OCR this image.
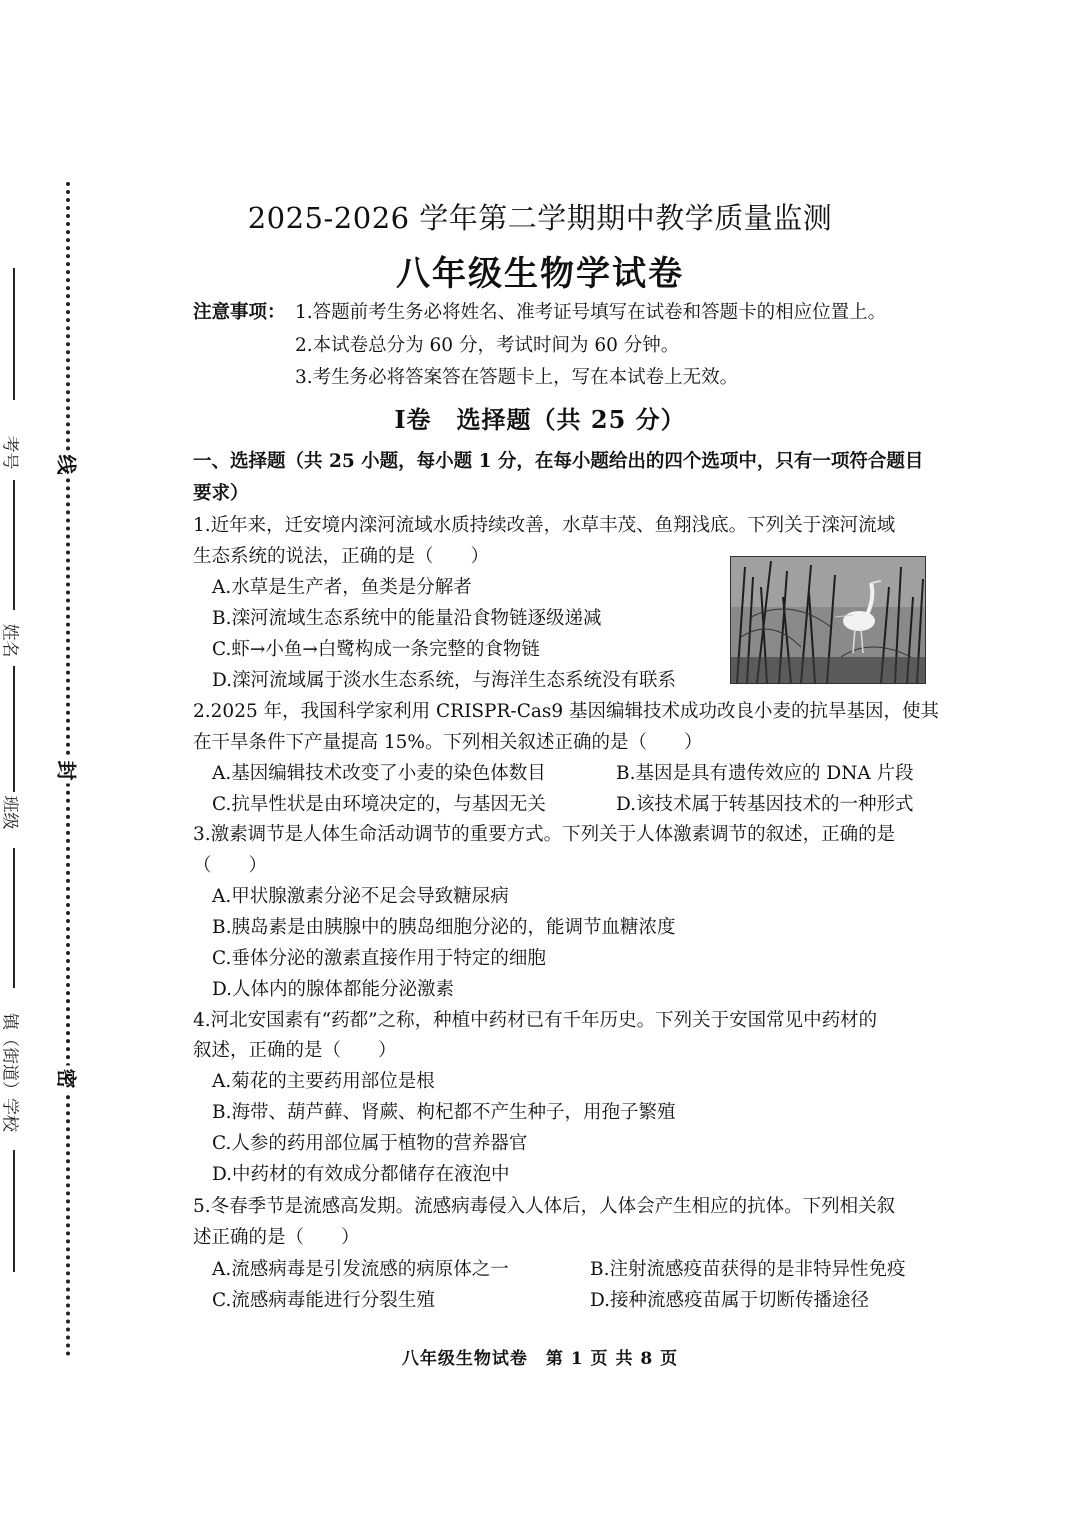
考号
姓名
班级
镇（街道）学校
线
封
密
2025-2026 学年第二学期期中教学质量监测
八年级生物学试卷
注意事项： 1.答题前考生务必将姓名、准考证号填写在试卷和答题卡的相应位置上。
2.本试卷总分为 60 分，考试时间为 60 分钟。
3.考生务必将答案答在答题卡上，写在本试卷上无效。
Ⅰ卷　选择题（共 25 分）
一、选择题（共 25 小题，每小题 1 分，在每小题给出的四个选项中，只有一项符合题目
要求）
1.近年来，迁安境内滦河流域水质持续改善，水草丰茂、鱼翔浅底。下列关于滦河流域
生态系统的说法，正确的是（　　）
A.水草是生产者，鱼类是分解者
B.滦河流域生态系统中的能量沿食物链逐级递减
C.虾→小鱼→白鹭构成一条完整的食物链
D.滦河流域属于淡水生态系统，与海洋生态系统没有联系
2.2025 年，我国科学家利用 CRISPR-Cas9 基因编辑技术成功改良小麦的抗旱基因，使其
在干旱条件下产量提高 15%。下列相关叙述正确的是（　　）
A.基因编辑技术改变了小麦的染色体数目	B.基因是具有遗传效应的 DNA 片段
C.抗旱性状是由环境决定的，与基因无关	D.该技术属于转基因技术的一种形式
3.激素调节是人体生命活动调节的重要方式。下列关于人体激素调节的叙述，正确的是
（　　）
A.甲状腺激素分泌不足会导致糖尿病
B.胰岛素是由胰腺中的胰岛细胞分泌的，能调节血糖浓度
C.垂体分泌的激素直接作用于特定的细胞
D.人体内的腺体都能分泌激素
4.河北安国素有“药都”之称，种植中药材已有千年历史。下列关于安国常见中药材的
叙述，正确的是（　　）
A.菊花的主要药用部位是根
B.海带、葫芦藓、肾蕨、枸杞都不产生种子，用孢子繁殖
C.人参的药用部位属于植物的营养器官
D.中药材的有效成分都储存在液泡中
5.冬春季节是流感高发期。流感病毒侵入人体后，人体会产生相应的抗体。下列相关叙
述正确的是（　　）
A.流感病毒是引发流感的病原体之一	B.注射流感疫苗获得的是非特异性免疫
C.流感病毒能进行分裂生殖	D.接种流感疫苗属于切断传播途径
八年级生物试卷　第 1 页 共 8 页
